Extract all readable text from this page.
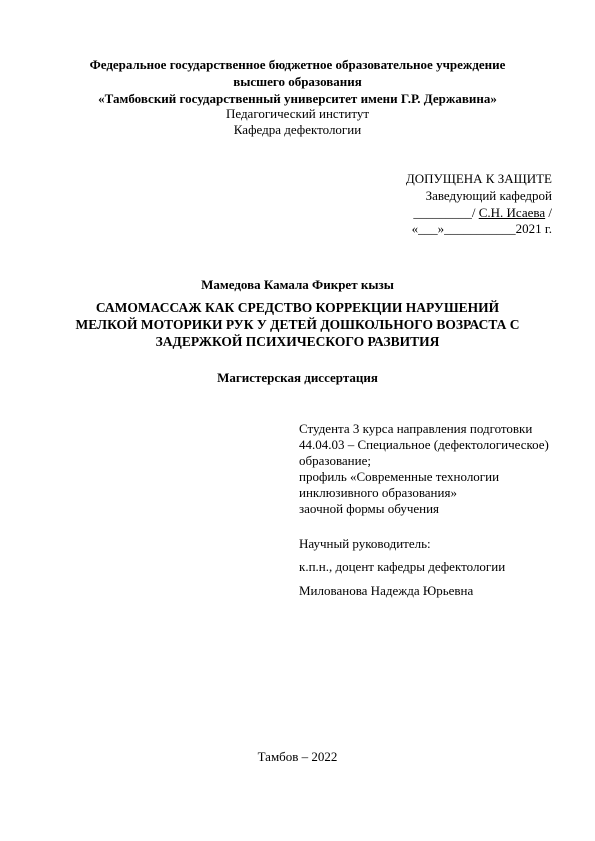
Федеральное государственное бюджетное образовательное учреждение
высшего образования
«Тамбовский государственный университет имени Г.Р. Державина»
Педагогический институт
Кафедра дефектологии
ДОПУЩЕНА К ЗАЩИТЕ
Заведующий кафедрой
_________/ С.Н. Исаева /
«___»___________2021 г.
Мамедова Камала Фикрет кызы
САМОМАССАЖ КАК СРЕДСТВО КОРРЕКЦИИ НАРУШЕНИЙ
МЕЛКОЙ МОТОРИКИ РУК У ДЕТЕЙ ДОШКОЛЬНОГО ВОЗРАСТА С
ЗАДЕРЖКОЙ ПСИХИЧЕСКОГО РАЗВИТИЯ
Магистерская диссертация
Студента 3 курса направления подготовки
44.04.03 – Специальное (дефектологическое)
образование;
профиль «Современные технологии
инклюзивного образования»
заочной формы обучения
Научный руководитель:
к.п.н., доцент кафедры дефектологии
Милованова Надежда Юрьевна
Тамбов – 2022
